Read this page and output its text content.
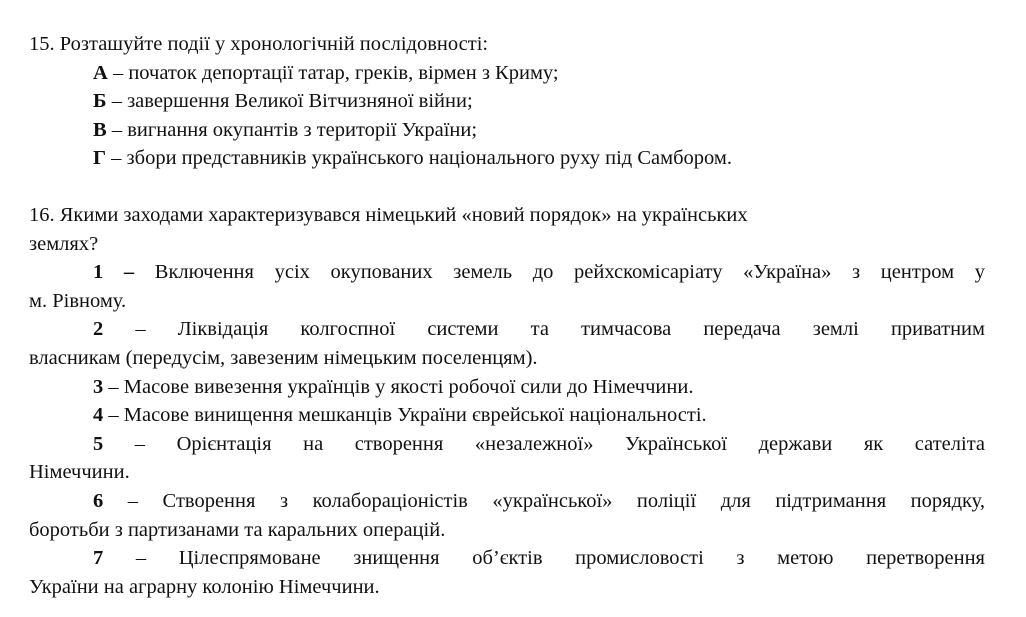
15. Розташуйте події у хронологічній послідовності:
А – початок депортації татар, греків, вірмен з Криму;
Б – завершення Великої Вітчизняної війни;
В – вигнання окупантів з території України;
Г – збори представників українського національного руху під Самбором.
16. Якими заходами характеризувався німецький «новий порядок» на українських
землях?
1 – Включення усіх окупованих земель до рейхскомісаріату «Україна» з центром у
м. Рівному.
2 – Ліквідація колгоспної системи та тимчасова передача землі приватним
власникам (передусім, завезеним німецьким поселенцям).
3 – Масове вивезення українців у якості робочої сили до Німеччини.
4 – Масове винищення мешканців України єврейської національності.
5 – Орієнтація на створення «незалежної» Української держави як сателіта
Німеччини.
6 – Створення з колабораціоністів «української» поліції для підтримання порядку,
боротьби з партизанами та каральних операцій.
7 – Цілеспрямоване знищення об’єктів промисловості з метою перетворення
України на аграрну колонію Німеччини.
